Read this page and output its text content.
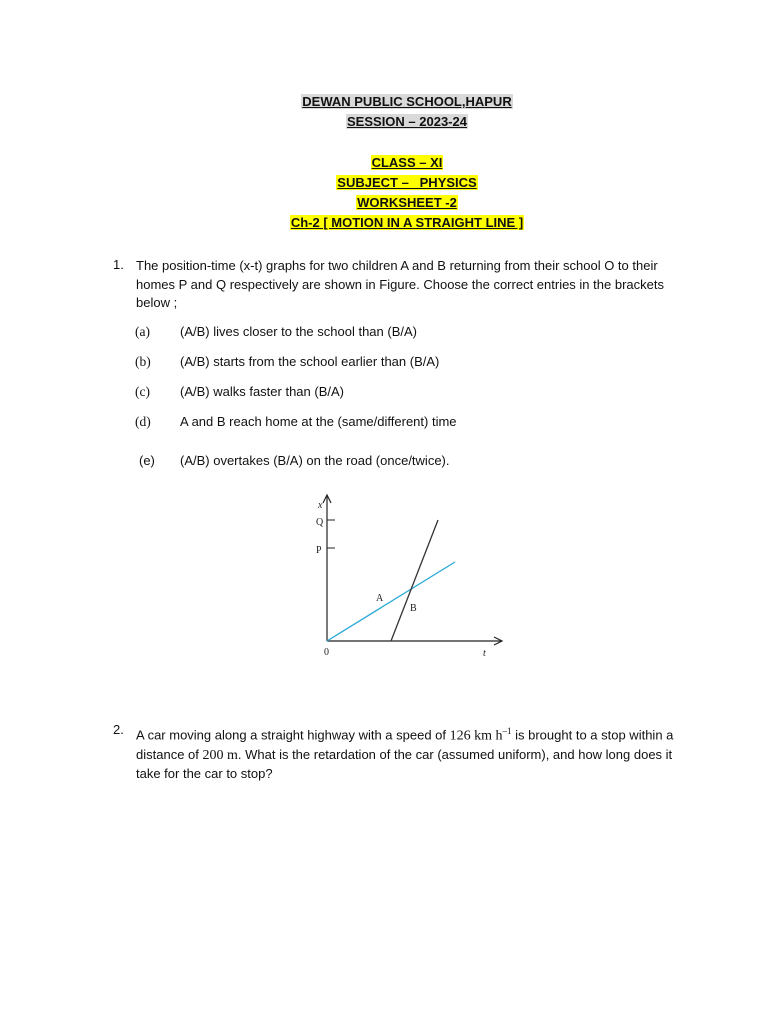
DEWAN PUBLIC SCHOOL,HAPUR
SESSION – 2023-24
CLASS – XI
SUBJECT –   PHYSICS
WORKSHEET -2
Ch-2 [ MOTION IN A STRAIGHT LINE ]
1. The position-time (x-t) graphs for two children A and B returning from their school O to their homes P and Q respectively are shown in Figure. Choose the correct entries in the brackets below ;
(a) (A/B) lives closer to the school than (B/A)
(b) (A/B) starts from the school earlier than (B/A)
(c) (A/B) walks faster than (B/A)
(d) A and B reach home at the (same/different) time
(e) (A/B) overtakes (B/A) on the road (once/twice).
Q
P
x
t
0
A
B
2. A car moving along a straight highway with a speed of 126 km $h^{-1}$ is brought to a stop within a distance of 200 m. What is the retardation of the car (assumed uniform), and how long does it take for the car to stop?
